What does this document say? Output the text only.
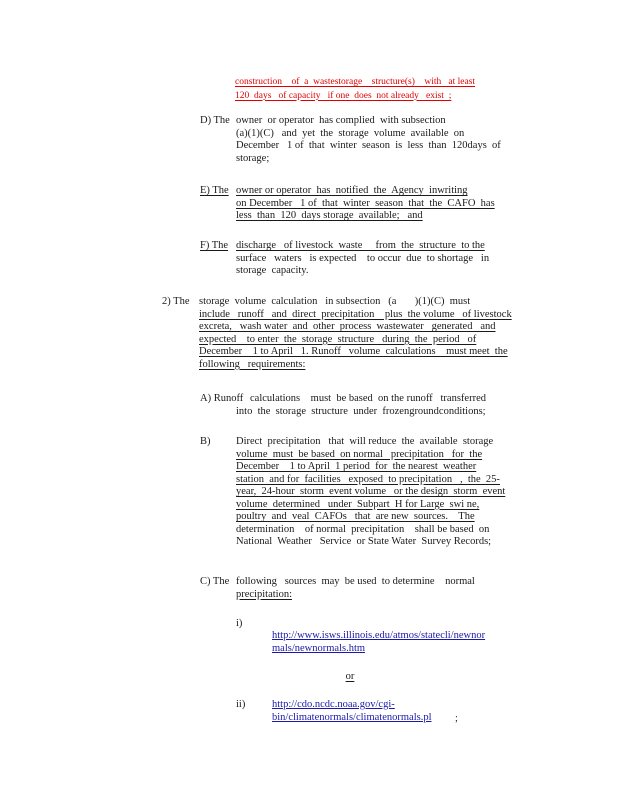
construction    of  a  wastestorage    structure(s)    with   at least
120  days   of capacity   if one  does  not already   exist  ;
D) The owner  or operator  has complied  with subsection
(a)(1)(C)   and  yet  the  storage  volume  available  on
December   1 of  that  winter  season  is  less  than  120days  of
storage;
E) The owner or operator  has  notified  the  Agency  inwriting
on December   1 of  that  winter  season  that  the  CAFO  has
less  than  120  days storage  available;   and
F) The discharge   of livestock  waste     from  the  structure  to the
surface   waters   is expected    to occur  due  to shortage   in
storage  capacity.
2) The storage  volume  calculation   in subsection   (a       )(1)(C)  must
include   runoff   and  direct  precipitation    plus  the volume   of livestock
excreta,   wash water  and  other  process  wastewater   generated   and
expected    to enter  the  storage  structure   during  the  period   of
December    1 to April   1. Runoff   volume  calculations    must meet  the
following   requirements:
A) Runoff calculations    must  be based  on the runoff   transferred
into  the  storage  structure  under  frozengroundconditions;
B) Direct  precipitation   that  will reduce  the  available  storage
volume  must  be based  on normal   precipitation   for  the
December    1 to April  1 period  for  the nearest  weather
station  and for  facilities   exposed  to precipitation   ,  the  25-
year,  24-hour  storm  event volume   or the design  storm  event
volume  determined   under  Subpart  H for Large  swi ne,
poultry  and  veal  CAFOs   that  are new  sources.    The
determination    of normal  precipitation    shall be based  on
National  Weather   Service  or State Water  Survey Records;
C) The following   sources  may  be used  to determine    normal
precipitation:
i)
http://www.isws.illinois.edu/atmos/statecli/newnor
mals/newnormals.htm
or
ii)	http://cdo.ncdc.noaa.gov/cgi-
bin/climatenormals/climatenormals.pl ;
